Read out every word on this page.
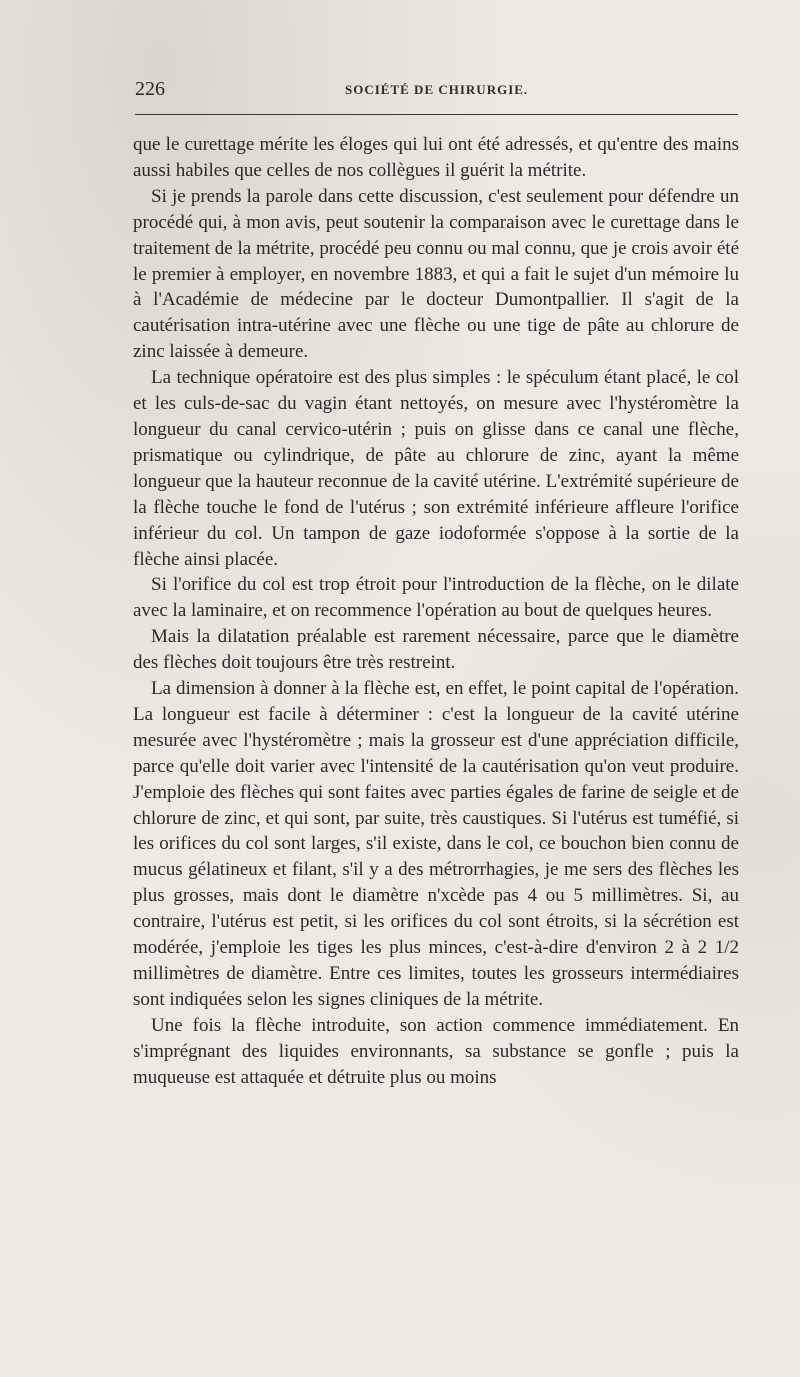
226	SOCIÉTÉ DE CHIRURGIE.

que le curettage mérite les éloges qui lui ont été adressés, et qu'entre des mains aussi habiles que celles de nos collègues il guérit la métrite.

Si je prends la parole dans cette discussion, c'est seulement pour défendre un procédé qui, à mon avis, peut soutenir la comparaison avec le curettage dans le traitement de la métrite, procédé peu connu ou mal connu, que je crois avoir été le premier à employer, en novembre 1883, et qui a fait le sujet d'un mémoire lu à l'Académie de médecine par le docteur Dumontpallier. Il s'agit de la cautérisation intra-utérine avec une flèche ou une tige de pâte au chlorure de zinc laissée à demeure.

La technique opératoire est des plus simples : le spéculum étant placé, le col et les culs-de-sac du vagin étant nettoyés, on mesure avec l'hystéromètre la longueur du canal cervico-utérin ; puis on glisse dans ce canal une flèche, prismatique ou cylindrique, de pâte au chlorure de zinc, ayant la même longueur que la hauteur reconnue de la cavité utérine. L'extrémité supérieure de la flèche touche le fond de l'utérus ; son extrémité inférieure affleure l'orifice inférieur du col. Un tampon de gaze iodoformée s'oppose à la sortie de la flèche ainsi placée.

Si l'orifice du col est trop étroit pour l'introduction de la flèche, on le dilate avec la laminaire, et on recommence l'opération au bout de quelques heures.

Mais la dilatation préalable est rarement nécessaire, parce que le diamètre des flèches doit toujours être très restreint.

La dimension à donner à la flèche est, en effet, le point capital de l'opération. La longueur est facile à déterminer : c'est la longueur de la cavité utérine mesurée avec l'hystéromètre ; mais la grosseur est d'une appréciation difficile, parce qu'elle doit varier avec l'intensité de la cautérisation qu'on veut produire. J'emploie des flèches qui sont faites avec parties égales de farine de seigle et de chlorure de zinc, et qui sont, par suite, très caustiques. Si l'utérus est tuméfié, si les orifices du col sont larges, s'il existe, dans le col, ce bouchon bien connu de mucus gélatineux et filant, s'il y a des métrorrhagies, je me sers des flèches les plus grosses, mais dont le diamètre n'xcède pas 4 ou 5 millimètres. Si, au contraire, l'utérus est petit, si les orifices du col sont étroits, si la sécrétion est modérée, j'emploie les tiges les plus minces, c'est-à-dire d'environ 2 à 2 1/2 millimètres de diamètre. Entre ces limites, toutes les grosseurs intermédiaires sont indiquées selon les signes cliniques de la métrite.

Une fois la flèche introduite, son action commence immédiatement. En s'imprégnant des liquides environnants, sa substance se gonfle ; puis la muqueuse est attaquée et détruite plus ou moins
